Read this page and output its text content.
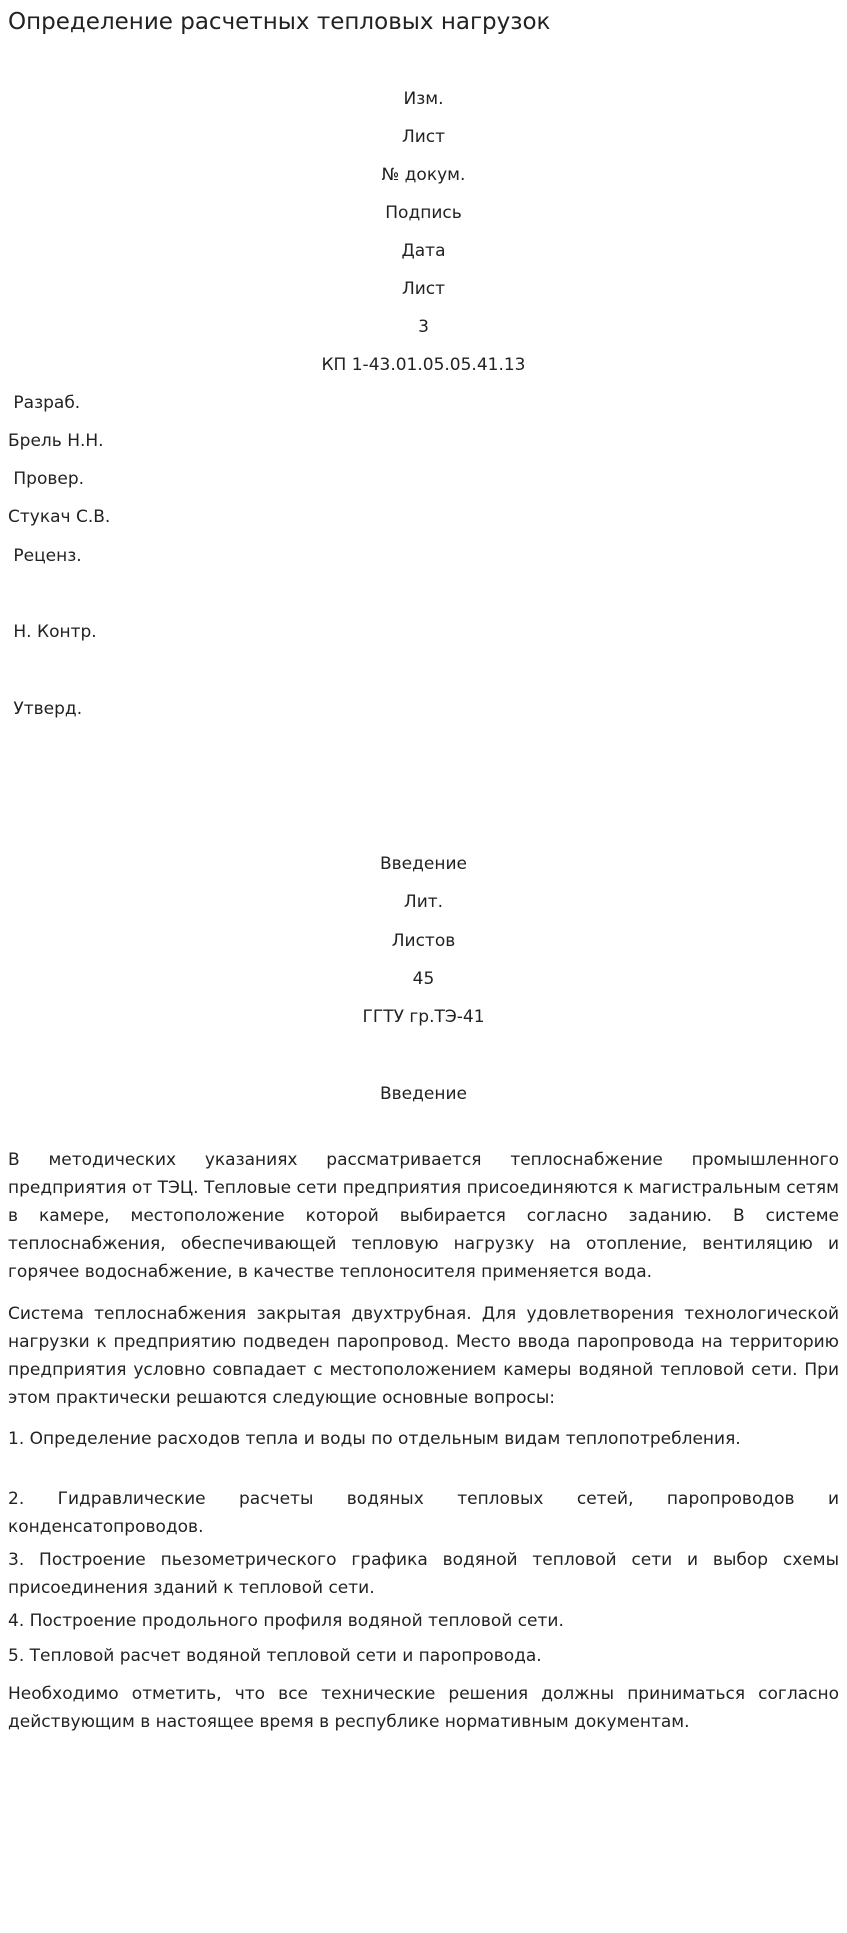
Определение расчетных тепловых нагрузок
Изм.
Лист
№ докум.
Подпись
Дата
Лист
3
КП 1-43.01.05.05.41.13
Разраб.
Брель Н.Н.
Провер.
Стукач С.В.
Реценз.
Н. Контр.
Утверд.
Введение
Лит.
Листов
45
ГГТУ гр.ТЭ-41
Введение

В методических указаниях рассматривается теплоснабжение промышленного предприятия от ТЭЦ. Тепловые сети предприятия присоединяются к магистральным сетям в камере, местоположение которой выбирается согласно заданию. В системе теплоснабжения, обеспечивающей тепловую нагрузку на отопление, вентиляцию и горячее водоснабжение, в качестве теплоносителя применяется вода.

Система теплоснабжения закрытая двухтрубная. Для удовлетворения технологической нагрузки к предприятию подведен паропровод. Место ввода паропровода на территорию предприятия условно совпадает с местоположением камеры водяной тепловой сети. При этом практически решаются следующие основные вопросы:

1. Определение расходов тепла и воды по отдельным видам теплопотребления.

2. Гидравлические расчеты водяных тепловых сетей, паропроводов и конденсатопроводов.

3. Построение пьезометрического графика водяной тепловой сети и выбор схемы присоединения зданий к тепловой сети.

4. Построение продольного профиля водяной тепловой сети.

5. Тепловой расчет водяной тепловой сети и паропровода.

Необходимо отметить, что все технические решения должны приниматься согласно действующим в настоящее время в республике нормативным документам.
